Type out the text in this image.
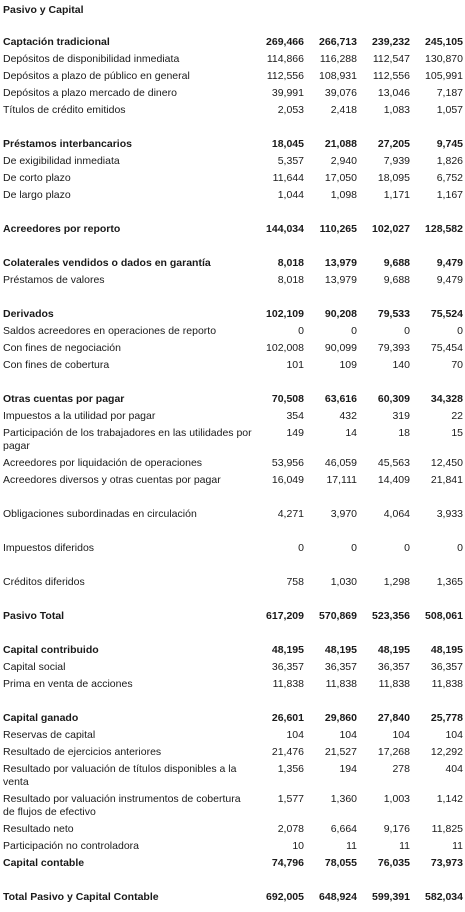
Pasivo y Capital
Captación tradicional	269,466	266,713	239,232	245,105
Depósitos de disponibilidad inmediata	114,866	116,288	112,547	130,870
Depósitos a plazo de público en general	112,556	108,931	112,556	105,991
Depósitos a plazo mercado de dinero	39,991	39,076	13,046	7,187
Títulos de crédito emitidos	2,053	2,418	1,083	1,057

Préstamos interbancarios	18,045	21,088	27,205	9,745
De exigibilidad inmediata	5,357	2,940	7,939	1,826
De corto plazo	11,644	17,050	18,095	6,752
De largo plazo	1,044	1,098	1,171	1,167

Acreedores por reporto	144,034	110,265	102,027	128,582

Colaterales vendidos o dados en garantía	8,018	13,979	9,688	9,479
Préstamos de valores	8,018	13,979	9,688	9,479

Derivados	102,109	90,208	79,533	75,524
Saldos acreedores en operaciones de reporto	0	0	0	0
Con fines de negociación	102,008	90,099	79,393	75,454
Con fines de cobertura	101	109	140	70

Otras cuentas por pagar	70,508	63,616	60,309	34,328
Impuestos a la utilidad por pagar	354	432	319	22
Participación de los trabajadores en las utilidades por pagar	149	14	18	15
Acreedores por liquidación de operaciones	53,956	46,059	45,563	12,450
Acreedores diversos y otras cuentas por pagar	16,049	17,111	14,409	21,841

Obligaciones subordinadas en circulación	4,271	3,970	4,064	3,933

Impuestos diferidos	0	0	0	0

Créditos diferidos	758	1,030	1,298	1,365

Pasivo Total	617,209	570,869	523,356	508,061

Capital contribuido	48,195	48,195	48,195	48,195
Capital social	36,357	36,357	36,357	36,357
Prima en venta de acciones	11,838	11,838	11,838	11,838

Capital ganado	26,601	29,860	27,840	25,778
Reservas de capital	104	104	104	104
Resultado de ejercicios anteriores	21,476	21,527	17,268	12,292
Resultado por valuación de títulos disponibles a la venta	1,356	194	278	404
Resultado por valuación instrumentos de cobertura de flujos de efectivo	1,577	1,360	1,003	1,142
Resultado neto	2,078	6,664	9,176	11,825
Participación no controladora	10	11	11	11
Capital contable	74,796	78,055	76,035	73,973

Total Pasivo y Capital Contable	692,005	648,924	599,391	582,034
